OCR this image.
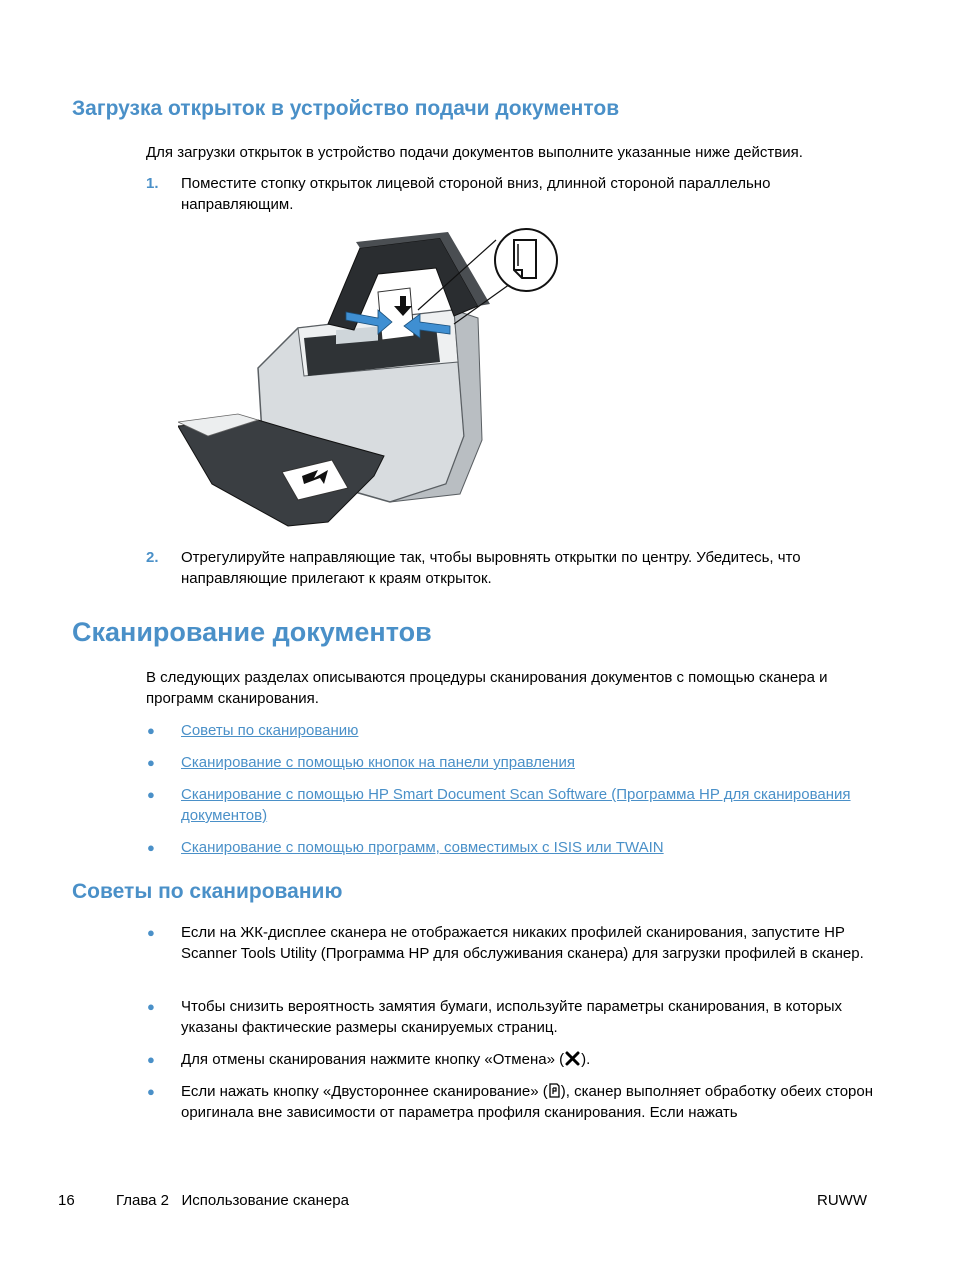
Загрузка открыток в устройство подачи документов

Для загрузки открыток в устройство подачи документов выполните указанные ниже действия.

1. Поместите стопку открыток лицевой стороной вниз, длинной стороной параллельно направляющим.
2. Отрегулируйте направляющие так, чтобы выровнять открытки по центру. Убедитесь, что направляющие прилегают к краям открыток.
Сканирование документов

В следующих разделах описываются процедуры сканирования документов с помощью сканера и программ сканирования.

● Советы по сканированию
● Сканирование с помощью кнопок на панели управления
● Сканирование с помощью HP Smart Document Scan Software (Программа HP для сканирования документов)
● Сканирование с помощью программ, совместимых с ISIS или TWAIN
Советы по сканированию
● Если на ЖК-дисплее сканера не отображается никаких профилей сканирования, запустите HP Scanner Tools Utility (Программа HP для обслуживания сканера) для загрузки профилей в сканер.
● Чтобы снизить вероятность замятия бумаги, используйте параметры сканирования, в которых указаны фактические размеры сканируемых страниц.
● Для отмены сканирования нажмите кнопку «Отмена» ( ).
● Если нажать кнопку «Двустороннее сканирование» ( ), сканер выполняет обработку обеих сторон оригинала вне зависимости от параметра профиля сканирования. Если нажать
16	Глава 2   Использование сканера	RUWW
